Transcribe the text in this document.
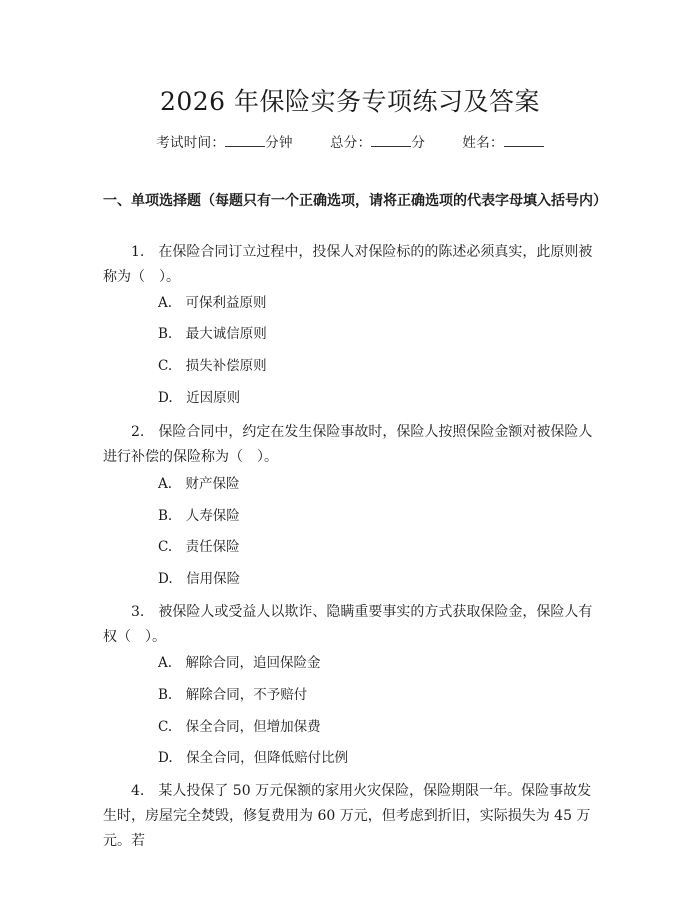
2026 年保险实务专项练习及答案
考试时间：	分钟	总分：	分	姓名：
一、单项选择题（每题只有一个正确选项，请将正确选项的代表字母填入括号内）
1.　在保险合同订立过程中，投保人对保险标的的陈述必须真实，此原则被称为（　）。
A.　可保利益原则
B.　最大诚信原则
C.　损失补偿原则
D.　近因原则
2.　保险合同中，约定在发生保险事故时，保险人按照保险金额对被保险人进行补偿的保险称为（　）。
A.　财产保险
B.　人寿保险
C.　责任保险
D.　信用保险
3.　被保险人或受益人以欺诈、隐瞒重要事实的方式获取保险金，保险人有权（　）。
A.　解除合同，追回保险金
B.　解除合同，不予赔付
C.　保全合同，但增加保费
D.　保全合同，但降低赔付比例
4.　某人投保了 50 万元保额的家用火灾保险，保险期限一年。保险事故发生时，房屋完全焚毁，修复费用为 60 万元，但考虑到折旧，实际损失为 45 万元。若
